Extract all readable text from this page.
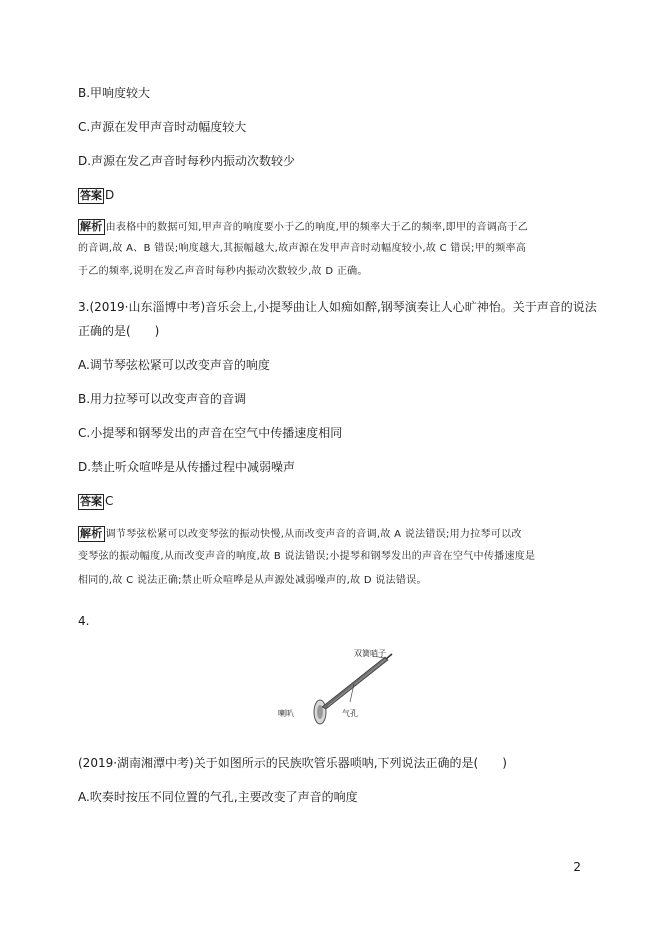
B.甲响度较大
C.声源在发甲声音时动幅度较大
D.声源在发乙声音时每秒内振动次数较少
答案 D
解析 由表格中的数据可知,甲声音的响度要小于乙的响度,甲的频率大于乙的频率,即甲的音调高于乙
的音调,故 A、B 错误;响度越大,其振幅越大,故声源在发甲声音时动幅度较小,故 C 错误;甲的频率高
于乙的频率,说明在发乙声音时每秒内振动次数较少,故 D 正确。
3.(2019·山东淄博中考)音乐会上,小提琴曲让人如痴如醉,钢琴演奏让人心旷神怡。关于声音的说法
正确的是(　　)
A.调节琴弦松紧可以改变声音的响度
B.用力拉琴可以改变声音的音调
C.小提琴和钢琴发出的声音在空气中传播速度相同
D.禁止听众喧哗是从传播过程中减弱噪声
答案 C
解析 调节琴弦松紧可以改变琴弦的振动快慢,从而改变声音的音调,故 A 说法错误;用力拉琴可以改
变琴弦的振动幅度,从而改变声音的响度,故 B 说法错误;小提琴和钢琴发出的声音在空气中传播速度是
相同的,故 C 说法正确;禁止听众喧哗是从声源处减弱噪声的,故 D 说法错误。
4.
双簧哨子
喇叭	气孔
(2019·湖南湘潭中考)关于如图所示的民族吹管乐器唢呐,下列说法正确的是(　　)
A.吹奏时按压不同位置的气孔,主要改变了声音的响度
2
